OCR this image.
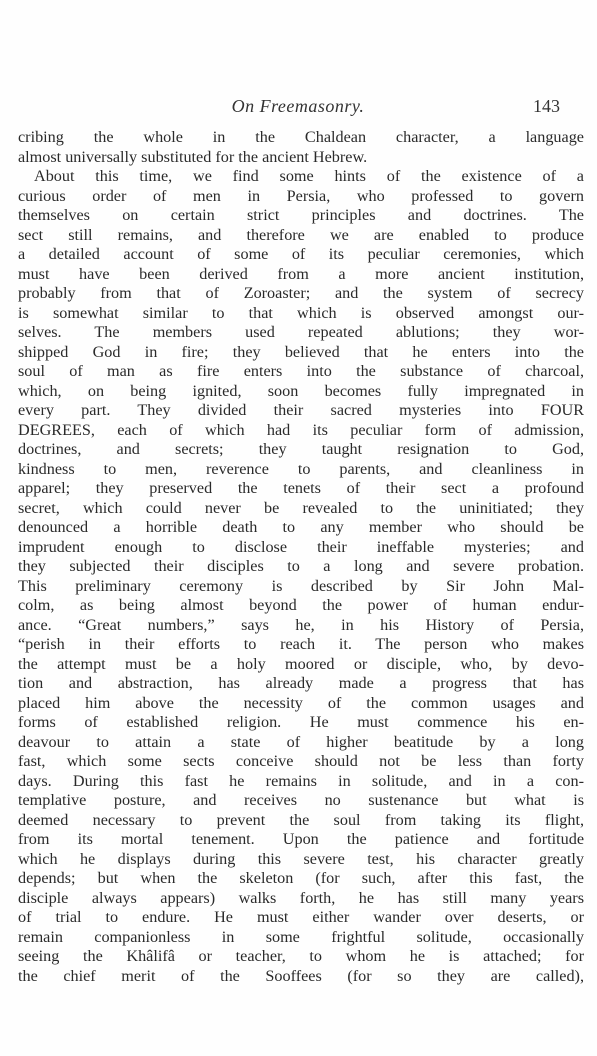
On Freemasonry.	143
cribing the whole in the Chaldean character, a language
almost universally substituted for the ancient Hebrew.
About this time, we find some hints of the existence of a
curious order of men in Persia, who professed to govern
themselves on certain strict principles and doctrines. The
sect still remains, and therefore we are enabled to produce
a detailed account of some of its peculiar ceremonies, which
must have been derived from a more ancient institution,
probably from that of Zoroaster; and the system of secrecy
is somewhat similar to that which is observed amongst our-
selves. The members used repeated ablutions; they wor-
shipped God in fire; they believed that he enters into the
soul of man as fire enters into the substance of charcoal,
which, on being ignited, soon becomes fully impregnated in
every part. They divided their sacred mysteries into FOUR
DEGREES, each of which had its peculiar form of admission,
doctrines, and secrets; they taught resignation to God,
kindness to men, reverence to parents, and cleanliness in
apparel; they preserved the tenets of their sect a profound
secret, which could never be revealed to the uninitiated; they
denounced a horrible death to any member who should be
imprudent enough to disclose their ineffable mysteries; and
they subjected their disciples to a long and severe probation.
This preliminary ceremony is described by Sir John Mal-
colm, as being almost beyond the power of human endur-
ance. “Great numbers,” says he, in his History of Persia,
“perish in their efforts to reach it. The person who makes
the attempt must be a holy moored or disciple, who, by devo-
tion and abstraction, has already made a progress that has
placed him above the necessity of the common usages and
forms of established religion. He must commence his en-
deavour to attain a state of higher beatitude by a long
fast, which some sects conceive should not be less than forty
days. During this fast he remains in solitude, and in a con-
templative posture, and receives no sustenance but what is
deemed necessary to prevent the soul from taking its flight,
from its mortal tenement. Upon the patience and fortitude
which he displays during this severe test, his character greatly
depends; but when the skeleton (for such, after this fast, the
disciple always appears) walks forth, he has still many years
of trial to endure. He must either wander over deserts, or
remain companionless in some frightful solitude, occasionally
seeing the Khâlifâ or teacher, to whom he is attached; for
the chief merit of the Sooffees (for so they are called),
